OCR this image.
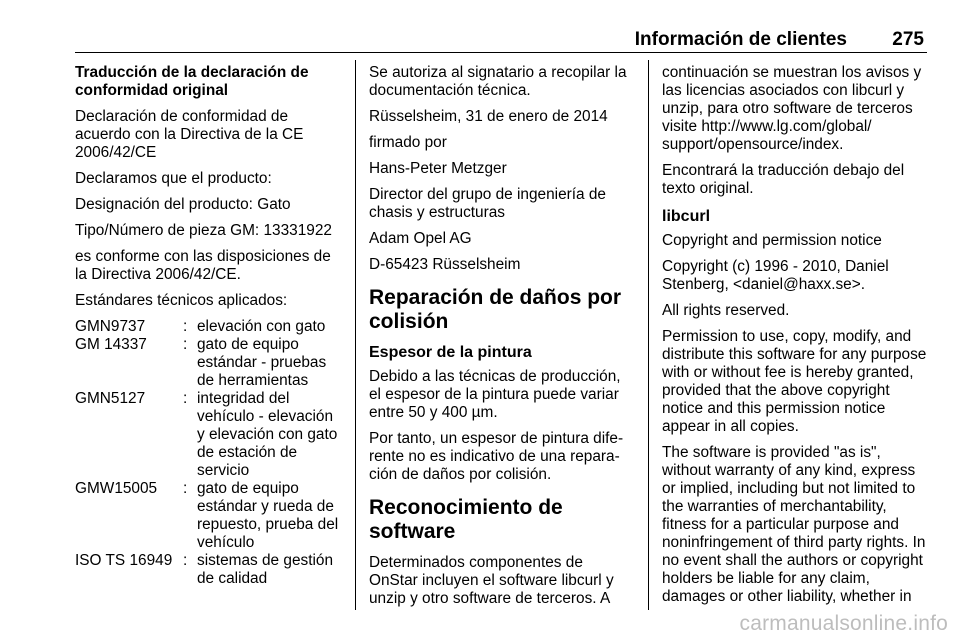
Información de clientes 275

Traducción de la declaración de conformidad original

Declaración de conformidad de acuerdo con la Directiva de la CE 2006/42/CE

Declaramos que el producto:

Designación del producto: Gato

Tipo/Número de pieza GM: 13331922

es conforme con las disposiciones de la Directiva 2006/42/CE.

Estándares técnicos aplicados:

GMN9737	: elevación con gato
GM 14337	: gato de equipo estándar - pruebas de herramientas
GMN5127	: integridad del vehículo - elevación y elevación con gato de estación de servicio
GMW15005	: gato de equipo estándar y rueda de repuesto, prueba del vehículo
ISO TS 16949 : sistemas de gestión de calidad

Se autoriza al signatario a recopilar la documentación técnica.

Rüsselsheim, 31 de enero de 2014

firmado por

Hans-Peter Metzger

Director del grupo de ingeniería de chasis y estructuras

Adam Opel AG

D-65423 Rüsselsheim

Reparación de daños por colisión
Espesor de la pintura

Debido a las técnicas de producción, el espesor de la pintura puede variar entre 50 y 400 µm.

Por tanto, un espesor de pintura diferente no es indicativo de una reparación de daños por colisión.

Reconocimiento de software

Determinados componentes de OnStar incluyen el software libcurl y unzip y otro software de terceros. A

continuación se muestran los avisos y las licencias asociados con libcurl y unzip, para otro software de terceros visite http://www.lg.com/global/ support/opensource/index.

Encontrará la traducción debajo del texto original.

libcurl

Copyright and permission notice

Copyright (c) 1996 - 2010, Daniel Stenberg, <daniel@haxx.se>.

All rights reserved.

Permission to use, copy, modify, and distribute this software for any purpose with or without fee is hereby granted, provided that the above copyright notice and this permission notice appear in all copies.

The software is provided "as is", without warranty of any kind, express or implied, including but not limited to the warranties of merchantability, fitness for a particular purpose and noninfringement of third party rights. In no event shall the authors or copyright holders be liable for any claim, damages or other liability, whether in

carmanualsonline.info
